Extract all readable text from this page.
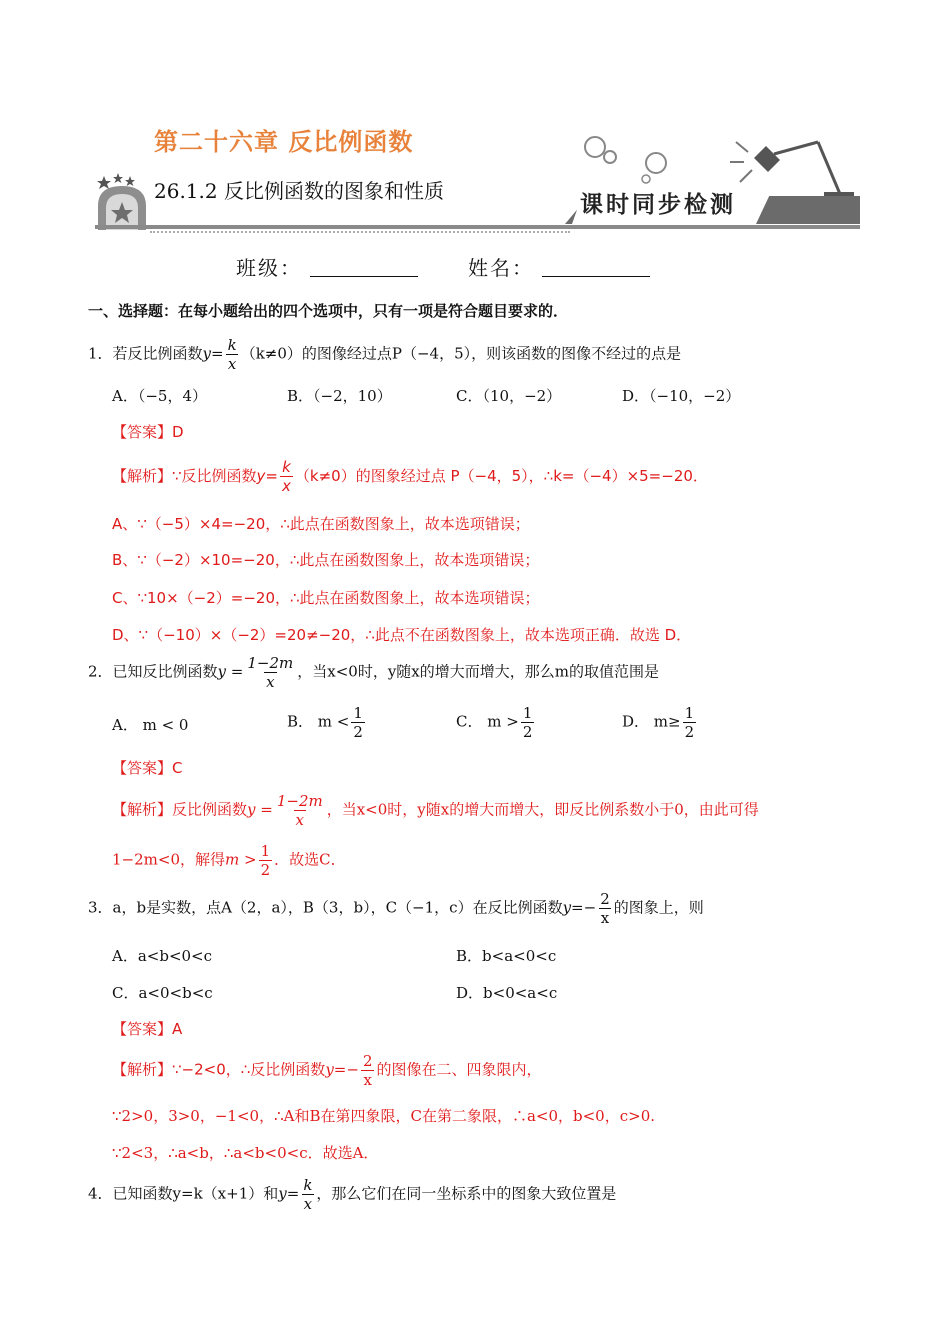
第二十六章 反比例函数
26.1.2 反比例函数的图象和性质	课时同步检测
班级：	姓名：
一、选择题：在每小题给出的四个选项中，只有一项是符合题目要求的．
1．若反比例函数$y= \frac{k}{x} (k\ne 0)$的图像经过点P（−4，5），则该函数的图像不经过的点是
A．（−5，4）	B．（−2，10）	C．（10，−2）	D．（−10，−2）
【答案】D
【解析】∵反比例函数$y= \frac{k}{x} (k\ne 0)$的图象经过点 P（−4，5），∴k=（−4）×5=−20．
A、∵（−5）×4=−20，∴此点在函数图象上，故本选项错误；
B、∵（−2）×10=−20，∴此点在函数图象上，故本选项错误；
C、∵10×（−2）=−20，∴此点在函数图象上，故本选项错误；
D、∵（−10）×（−2）=20≠−20，∴此点不在函数图象上，故本选项正确．故选 D．
2．已知反比例函数$y = \frac{1-2m}{x}$ ，当x<0时，y随x的增大而增大，那么m的取值范围是
A． m < 0	B． $m < \frac{1}{2}$	C． $m > \frac{1}{2}$	D． $m\ge \frac{1}{2}$
【答案】C
【解析】反比例函数$y = \frac{1-2m}{x}$ ，当x<0时，y随x的增大而增大，即反比例系数小于0，由此可得
1−2m<0，解得$m > \frac{1}{2}$ ．故选C．
3．a，b是实数，点A（2，a），B（3，b），C（−1，c）在反比例函数$y=- \frac{2}{x}$ 的图象上，则
A．a<b<0<c	B．b<a<0<c
C．a<0<b<c	D．b<0<a<c
【答案】A
【解析】∵−2<0，∴反比例函数$y=- \frac{2}{x}$ 的图像在二、四象限内，
∵2>0，3>0，−1<0，∴A和B在第四象限，C在第二象限，∴a<0，b<0，c>0.
∵2<3，∴a<b，∴a<b<0<c．故选A．
4．已知函数y=k（x+1）和$y= \frac{k}{x}$ ，那么它们在同一坐标系中的图象大致位置是
